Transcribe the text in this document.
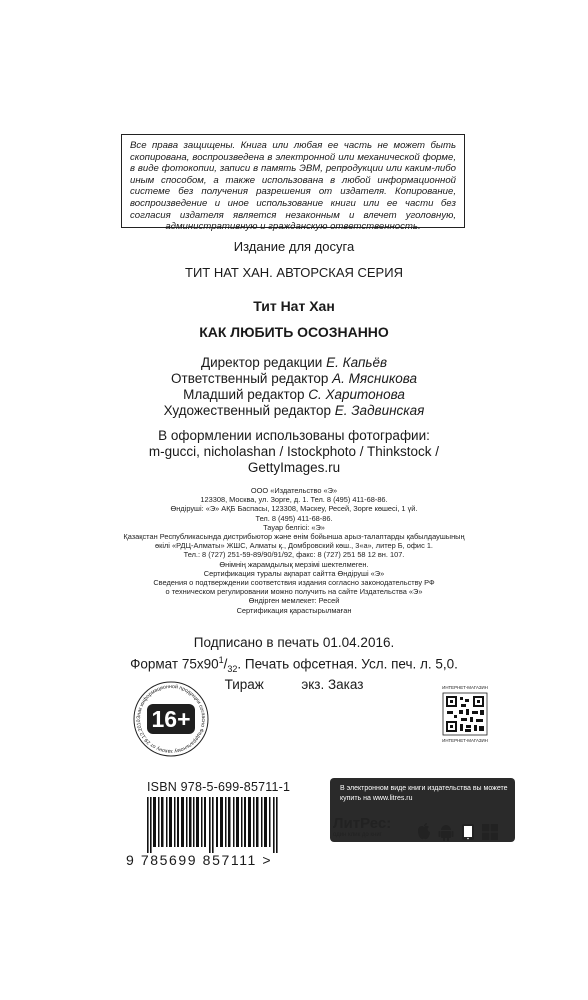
Все права защищены. Книга или любая ее часть не может быть скопирована, воспроизведена в электронной или механической форме, в виде фотокопии, записи в память ЭВМ, репродукции или каким-либо иным способом, а также использована в любой информационной системе без получения разрешения от издателя. Копирование, воспроизведение и иное использование книги или ее части без согласия издателя является незаконным и влечет уголовную, административную и гражданскую ответственность.
Издание для досуга
ТИТ НАТ ХАН. АВТОРСКАЯ СЕРИЯ
Тит Нат Хан
КАК ЛЮБИТЬ ОСОЗНАННО
Директор редакции Е. Капьёв
Ответственный редактор А. Мясникова
Младший редактор С. Харитонова
Художественный редактор Е. Задвинская
В оформлении использованы фотографии:
m-gucci, nicholashan / Istockphoto / Thinkstock /
GettyImages.ru
ООО «Издательство «Э»
123308, Москва, ул. Зорге, д. 1. Тел. 8 (495) 411-68-86.
Өндіруші: «Э» АҚБ Баспасы, 123308, Мәскеу, Ресей, Зорге көшесі, 1 үй.
Тел. 8 (495) 411-68-86.
Тауар белгісі: «Э»
Қазақстан Республикасында дистрибьютор және өнім бойынша арыз-талаптарды қабылдаушының
өкілі «РДЦ-Алматы» ЖШС, Алматы қ., Домбровский көш., 3«а», литер Б, офис 1.
Тел.: 8 (727) 251-59-89/90/91/92, факс: 8 (727) 251 58 12 вн. 107.
Өнімнің жарамдылық мерзімі шектелмеген.
Сертификация туралы ақпарат сайтта Өндіруші «Э»
Сведения о подтверждении соответствия издания согласно законодательству РФ
о техническом регулировании можно получить на сайте Издательства «Э»
Өндірген мемлекет: Ресей
Сертификация қарастырылмаған
Подписано в печать 01.04.2016.
Формат $75x90^1/_{32}$. Печать офсетная. Усл. печ. л. 5,0.
Тираж          экз. Заказ
Знак информационной продукции согласно Федеральному закону от 29.12.2010 16+
ИНТЕРНЕТ-МАГАЗИН
ИНТЕРНЕТ-МАГАЗИН
ISBN 978-5-699-85711-1
9 785699 857111 >
В электронном виде книги издательства вы можете купить на www.litres.ru
ЛитРес:
один клик до книг
